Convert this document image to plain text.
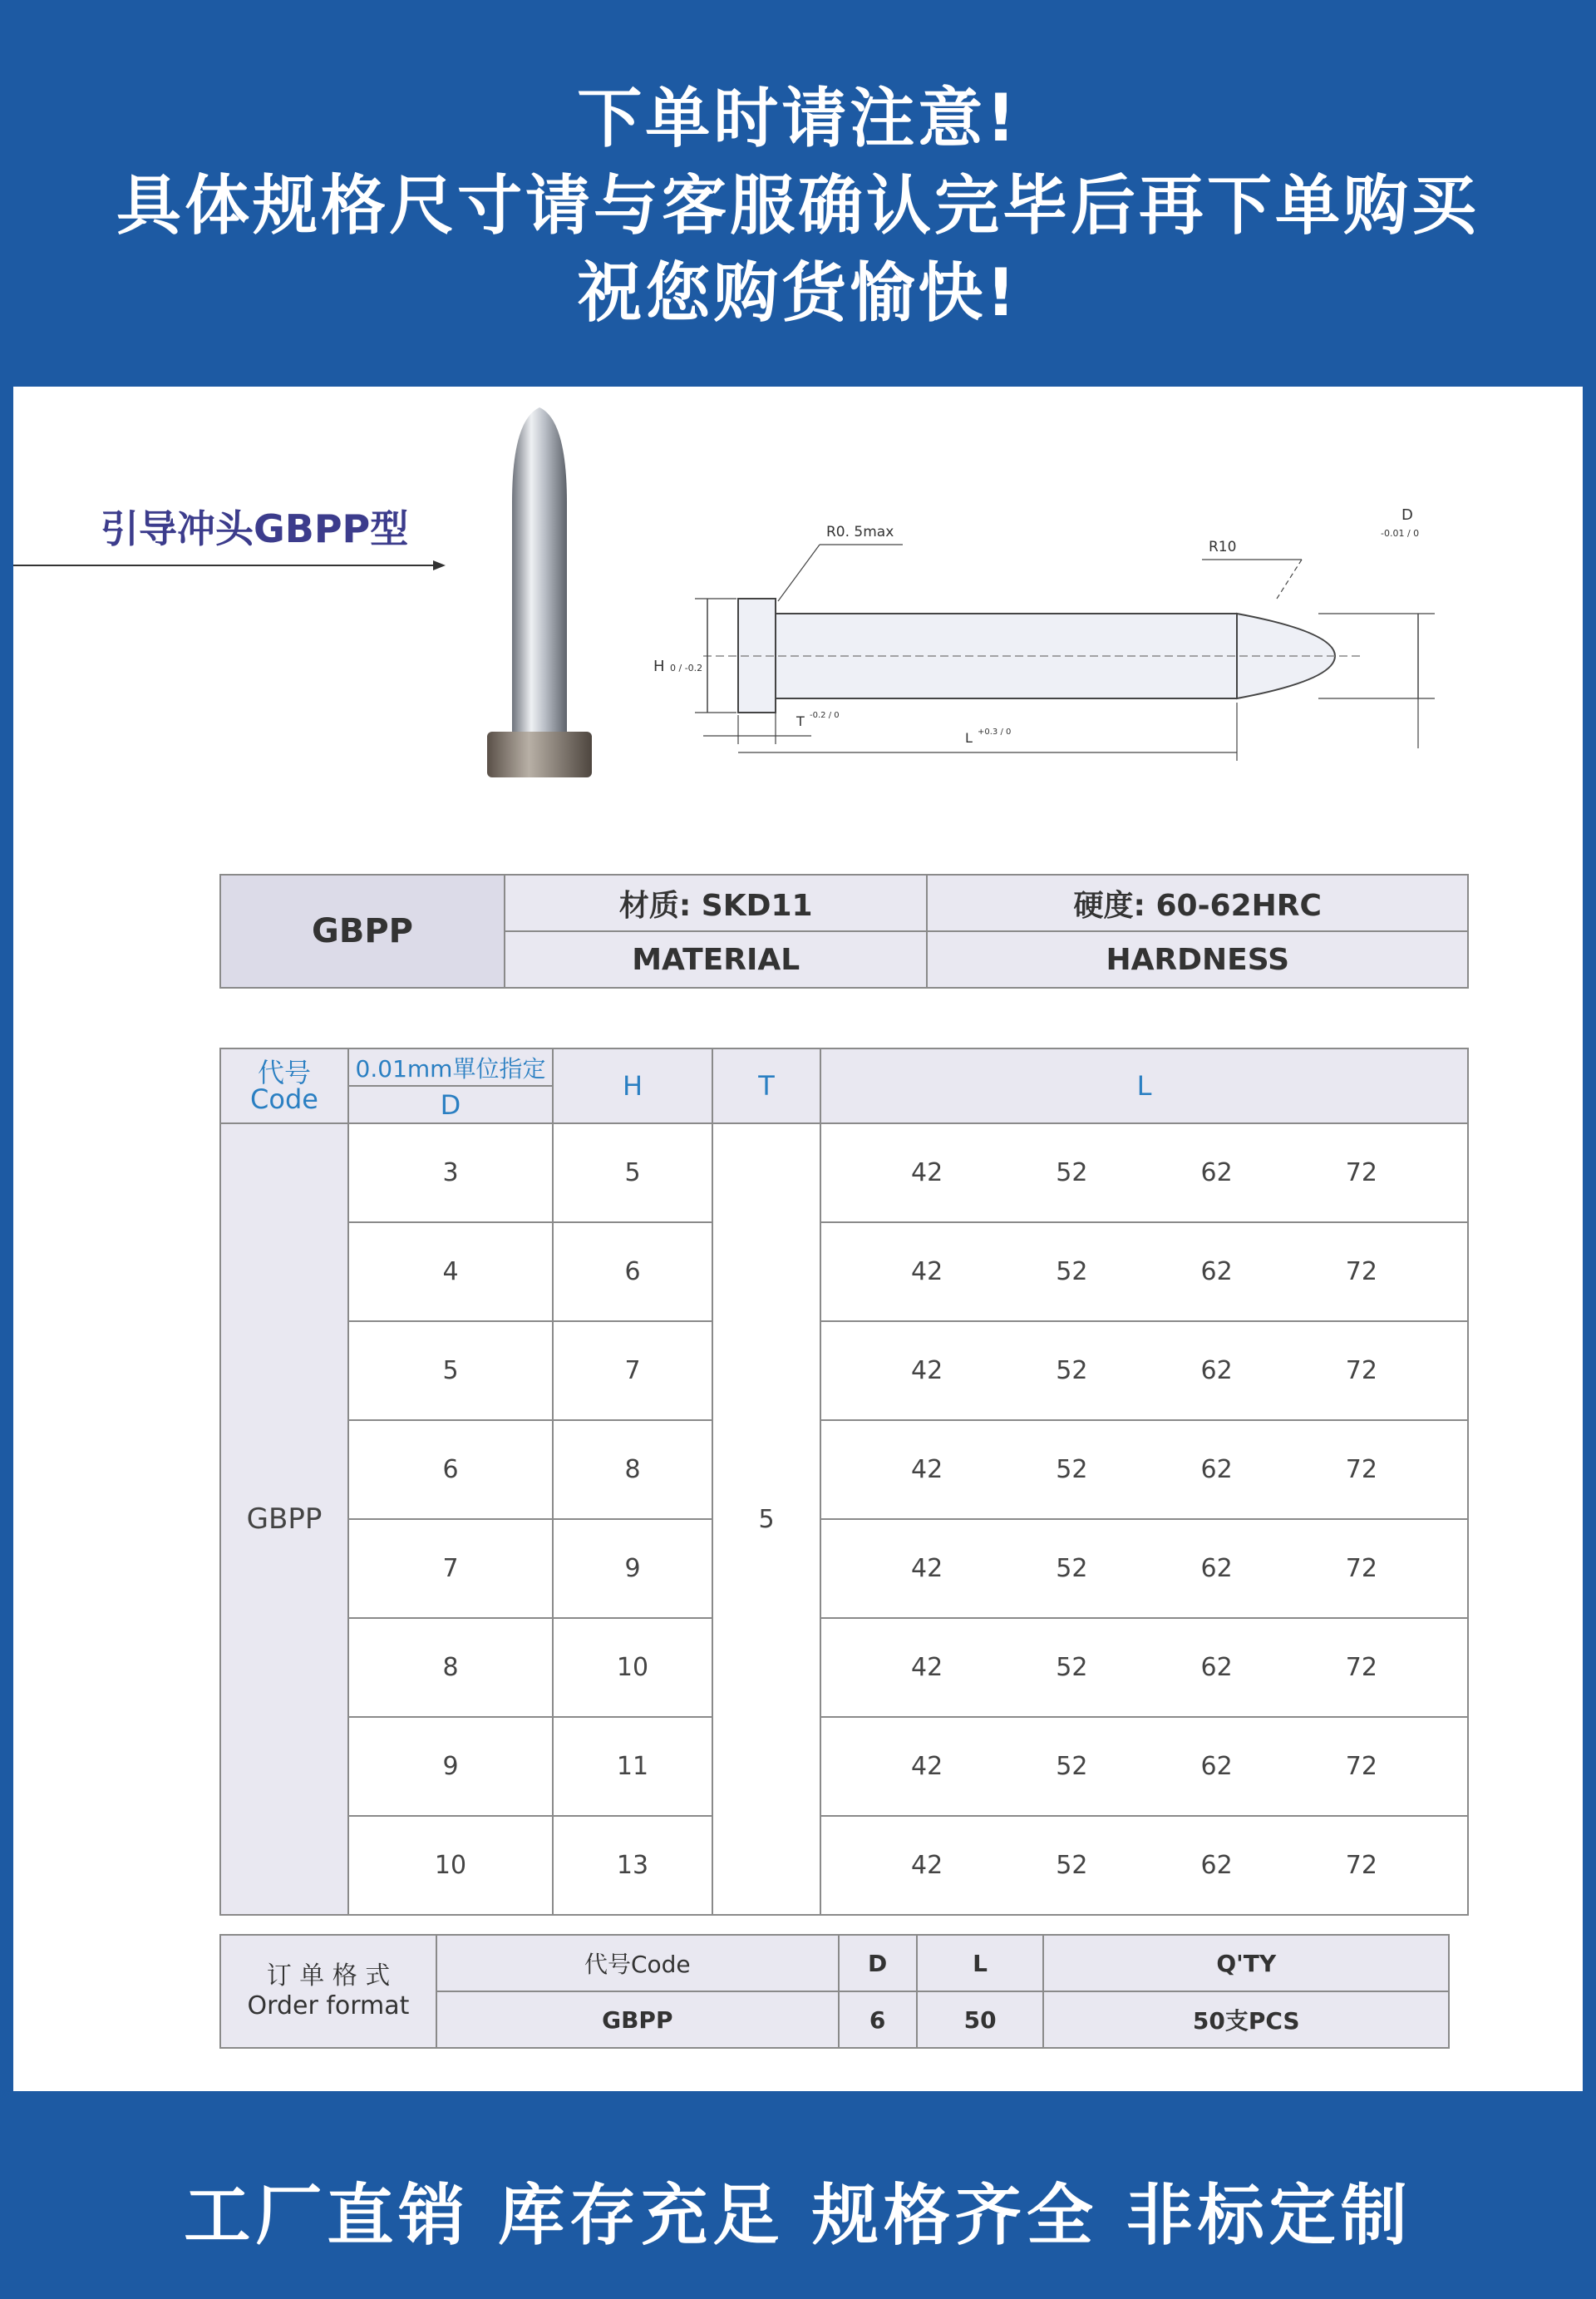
下单时请注意!
具体规格尺寸请与客服确认完毕后再下单购买
祝您购货愉快!
引导冲头GBPP型
H 0 / -0.2
D
-0.01 / 0
T -0.2 / 0
L +0.3 / 0
R0. 5max
R10
GBPP	材质: SKD11	硬度: 60-62HRC
	MATERIAL	HARDNESS
代号
Code	0.01mm單位指定	H	T	L
	D			
GBPP	3	5	5	42 52 62 72

	4	6		42 52 62 72

	5	7		42 52 62 72

	6	8		42 52 62 72

	7	9		42 52 62 72

	8	10		42 52 62 72

	9	11		42 52 62 72

	10	13		42 52 62 72
订 单 格 式
Order format	代号Code	D	L	Q'TY
	GBPP	6	50	50支PCS
工厂直销 库存充足 规格齐全 非标定制
